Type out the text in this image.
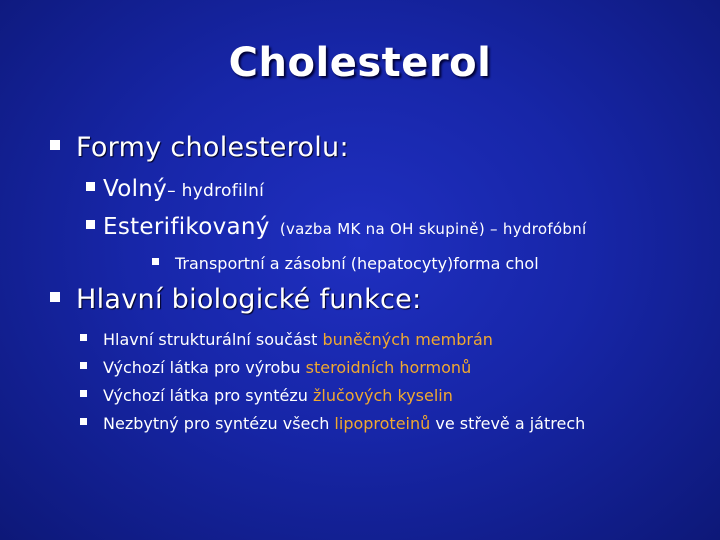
Cholesterol
Formy cholesterolu:
Volný – hydrofilní
Esterifikovaný (vazba MK na OH skupině) – hydrofóbní
Transportní a zásobní (hepatocyty)forma chol
Hlavní biologické funkce:
Hlavní strukturální součást buněčných membrán
Výchozí látka pro výrobu steroidních hormonů
Výchozí látka pro syntézu žlučových kyselin
Nezbytný pro syntézu všech lipoproteinů ve střevě a játrech
